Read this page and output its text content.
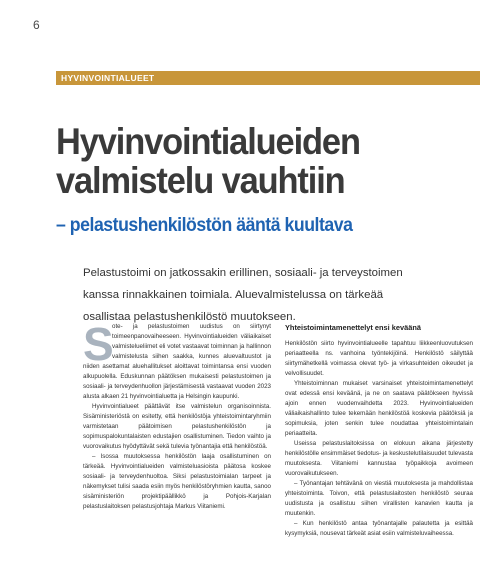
6
HYVINVOINTIALUEET
Hyvinvointialueiden
valmistelu vauhtiin
– pelastushenkilöstön ääntä kuultava

Pelastustoimi on jatkossakin erillinen, sosiaali- ja terveystoimen

kanssa rinnakkainen toimiala. Aluevalmistelussa on tärkeää

osallistaa pelastushenkilöstö muutokseen.

S

ote- ja pelastustoimen uudistus on siirtynyt toimeenpanovaiheeseen. Hyvinvointialueiden väliaikaiset valmistelueliimet eli votet vastaavat toiminnan ja hallinnon valmistelusta siihen saakka, kunnes aluevaltuustot ja niiden asettamat aluehallitukset aloittavat toimintansa ensi vuoden alkupuolella. Eduskunnan päätöksen mukaisesti pelastustoimen ja sosiaali- ja terveydenhuollon järjestämisestä vastaavat vuoden 2023 alusta alkaen 21 hyvinvointialuetta ja Helsingin kaupunki.

Hyvinvointialueet päättävät itse valmistelun organisoinnista. Sisäministeriöstä on esitetty, että henkilöstöja yhteistoimintaryhmiin varmistetaan päätoimisen pelastushenkilöstön ja sopimuspalokuntalaisten edustajien osallistuminen. Tiedon vaihto ja vuorovaikutus hyödyttävät sekä tulevia työnantajia että henkilöstöä.

– Isossa muutoksessa henkilöstön laaja osallistuminen on tärkeää. Hyvinvointialueiden valmisteluasioista päätosa koskee sosiaali- ja terveydenhuoltoa. Siksi pelastustoimialan tarpeet ja näkemykset tulisi saada esiin myös henkilöstöryhmien kautta, sanoo sisäministeriön projektipäällikkö ja Pohjois-Karjalan pelastuslaitoksen pelastusjohtaja Markus Viitaniemi.

Yhteistoimintamenettelyt ensi keväänä

Henkilöstön siirto hyvinvointialueelle tapahtuu liikkeenluovutuksen periaatteella ns. vanhoina työntekijöinä. Henkilöstö säilyttää siirtymähetkellä voimassa olevat työ- ja virkasuhteiden oikeudet ja velvollisuudet.

Yhteistoiminnan mukaiset varsinaiset yhteistoimintamenettelyt ovat edessä ensi keväänä, ja ne on saatava päätökseen hyvissä ajoin ennen vuodenvaihdetta 2023. Hyvinvointialueiden väliaikaishallinto tulee tekemään henkilöstöä koskevia päätöksiä ja sopimuksia, joten senkin tulee noudattaa yhteistoimintalain periaatteita.

Useissa pelastuslaitoksissa on elokuun aikana järjestetty henkilöstölle ensimmäiset tiedotus- ja keskustelutilaisuudet tulevasta muutoksesta. Viitaniemi kannustaa työpaikkoja avoimeen vuorovaikutukseen.

– Työnantajan tehtävänä on viestiä muutoksesta ja mahdollistaa yhteistoiminta. Toivon, että pelastuslaitosten henkilöstö seuraa uudistusta ja osallistuu siihen virallisten kanavien kautta ja muutenkin.

– Kun henkilöstö antaa työnantajalle palautetta ja esittää kysymyksiä, nousevat tärkeät asiat esiin valmisteluvaiheessa.
